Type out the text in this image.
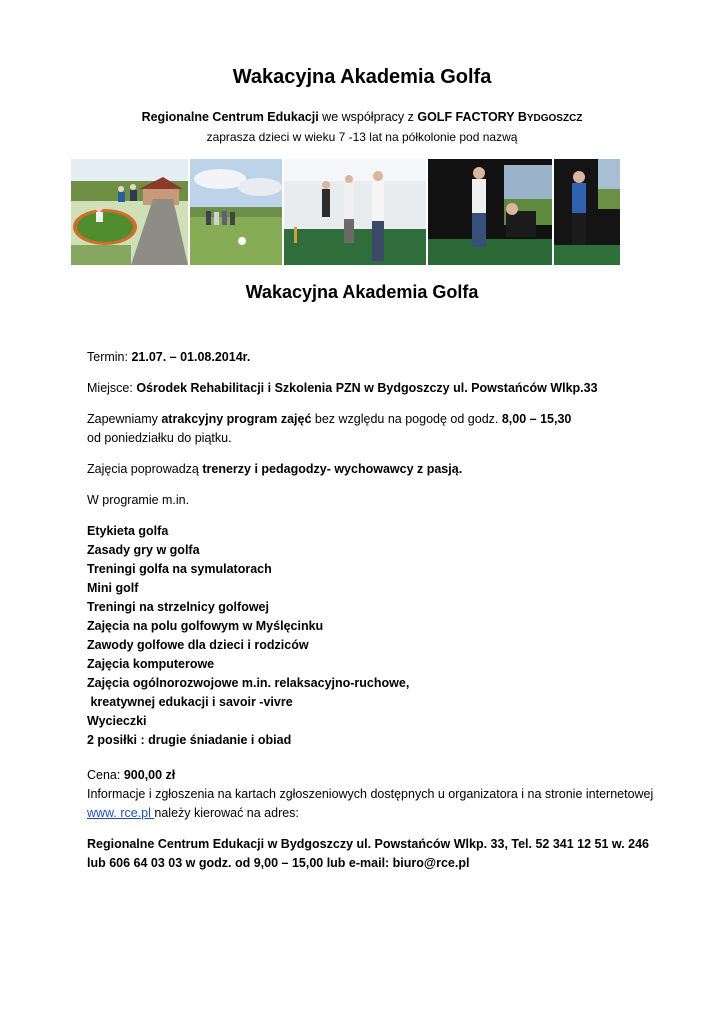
Wakacyjna Akademia Golfa
Regionalne Centrum Edukacji we współpracy z GOLF FACTORY BYDGOSZCZ
zaprasza dzieci w wieku 7 -13 lat na półkolonie pod nazwą
Wakacyjna Akademia Golfa
Termin: 21.07. – 01.08.2014r.
Miejsce: Ośrodek Rehabilitacji i Szkolenia PZN w Bydgoszczy ul. Powstańców Wlkp.33
Zapewniamy atrakcyjny program zajęć bez względu na pogodę od godz. 8,00 – 15,30
od poniedziałku do piątku.
Zajęcia poprowadzą trenerzy i pedagodzy- wychowawcy z pasją.
W programie m.in.
Etykieta golfa
Zasady gry w golfa
Treningi golfa na symulatorach
Mini golf
Treningi na strzelnicy golfowej
Zajęcia na polu golfowym w Myślęcinku
Zawody golfowe dla dzieci i rodziców
Zajęcia komputerowe
Zajęcia ogólnorozwojowe m.in. relaksacyjno-ruchowe,
kreatywnej edukacji i savoir -vivre
Wycieczki
2 posiłki : drugie śniadanie i obiad
Cena: 900,00 zł
Informacje i zgłoszenia na kartach zgłoszeniowych dostępnych u organizatora i na stronie internetowej
www. rce.pl należy kierować na adres:
Regionalne Centrum Edukacji w Bydgoszczy ul. Powstańców Wlkp. 33, Tel. 52 341 12 51 w. 246
lub 606 64 03 03 w godz. od 9,00 – 15,00 lub e-mail: biuro@rce.pl
